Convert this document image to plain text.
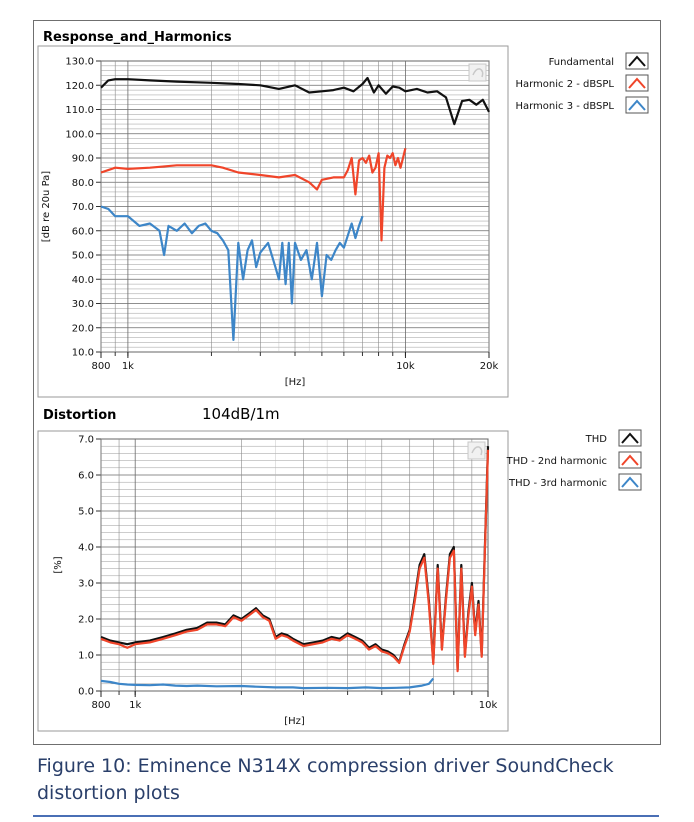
Response_and_Harmonics
10.0
20.0
30.0
40.0
50.0
60.0
70.0
80.0
90.0
100.0
110.0
120.0
130.0
800 1k	10k	20k
[Hz]
[dB re 20u Pa]
Fundamental
Harmonic 2 - dBSPL
Harmonic 3 - dBSPL
Distortion	104dB/1m
0.0
1.0
2.0
3.0
4.0
5.0
6.0
7.0
800 1k	10k
[Hz]
[%]
THD
THD - 2nd harmonic
THD - 3rd harmonic
Figure 10: Eminence N314X compression driver SoundCheck distortion plots
